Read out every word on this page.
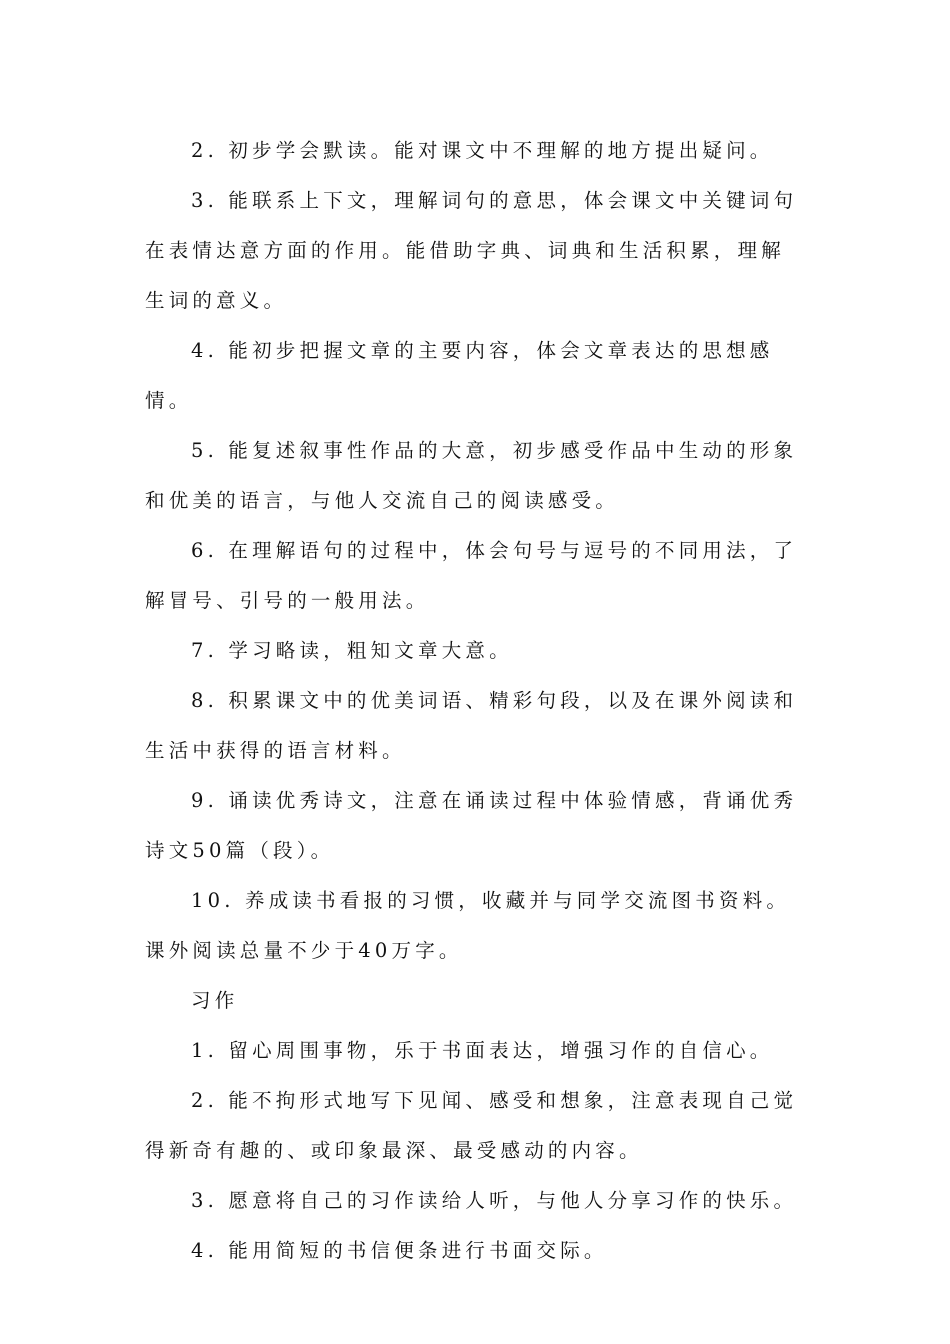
2. 初步学会默读。能对课文中不理解的地方提出疑问。

3. 能联系上下文，理解词句的意思，体会课文中关键词句在表情达意方面的作用。能借助字典、词典和生活积累，理解生词的意义。

4. 能初步把握文章的主要内容，体会文章表达的思想感情。

5. 能复述叙事性作品的大意，初步感受作品中生动的形象和优美的语言，与他人交流自己的阅读感受。

6. 在理解语句的过程中，体会句号与逗号的不同用法，了解冒号、引号的一般用法。

7. 学习略读，粗知文章大意。

8. 积累课文中的优美词语、精彩句段，以及在课外阅读和生活中获得的语言材料。

9. 诵读优秀诗文，注意在诵读过程中体验情感，背诵优秀诗文50篇（段）。

10. 养成读书看报的习惯，收藏并与同学交流图书资料。课外阅读总量不少于40万字。

习作

1. 留心周围事物，乐于书面表达，增强习作的自信心。

2. 能不拘形式地写下见闻、感受和想象，注意表现自己觉得新奇有趣的、或印象最深、最受感动的内容。

3. 愿意将自己的习作读给人听，与他人分享习作的快乐。

4. 能用简短的书信便条进行书面交际。
